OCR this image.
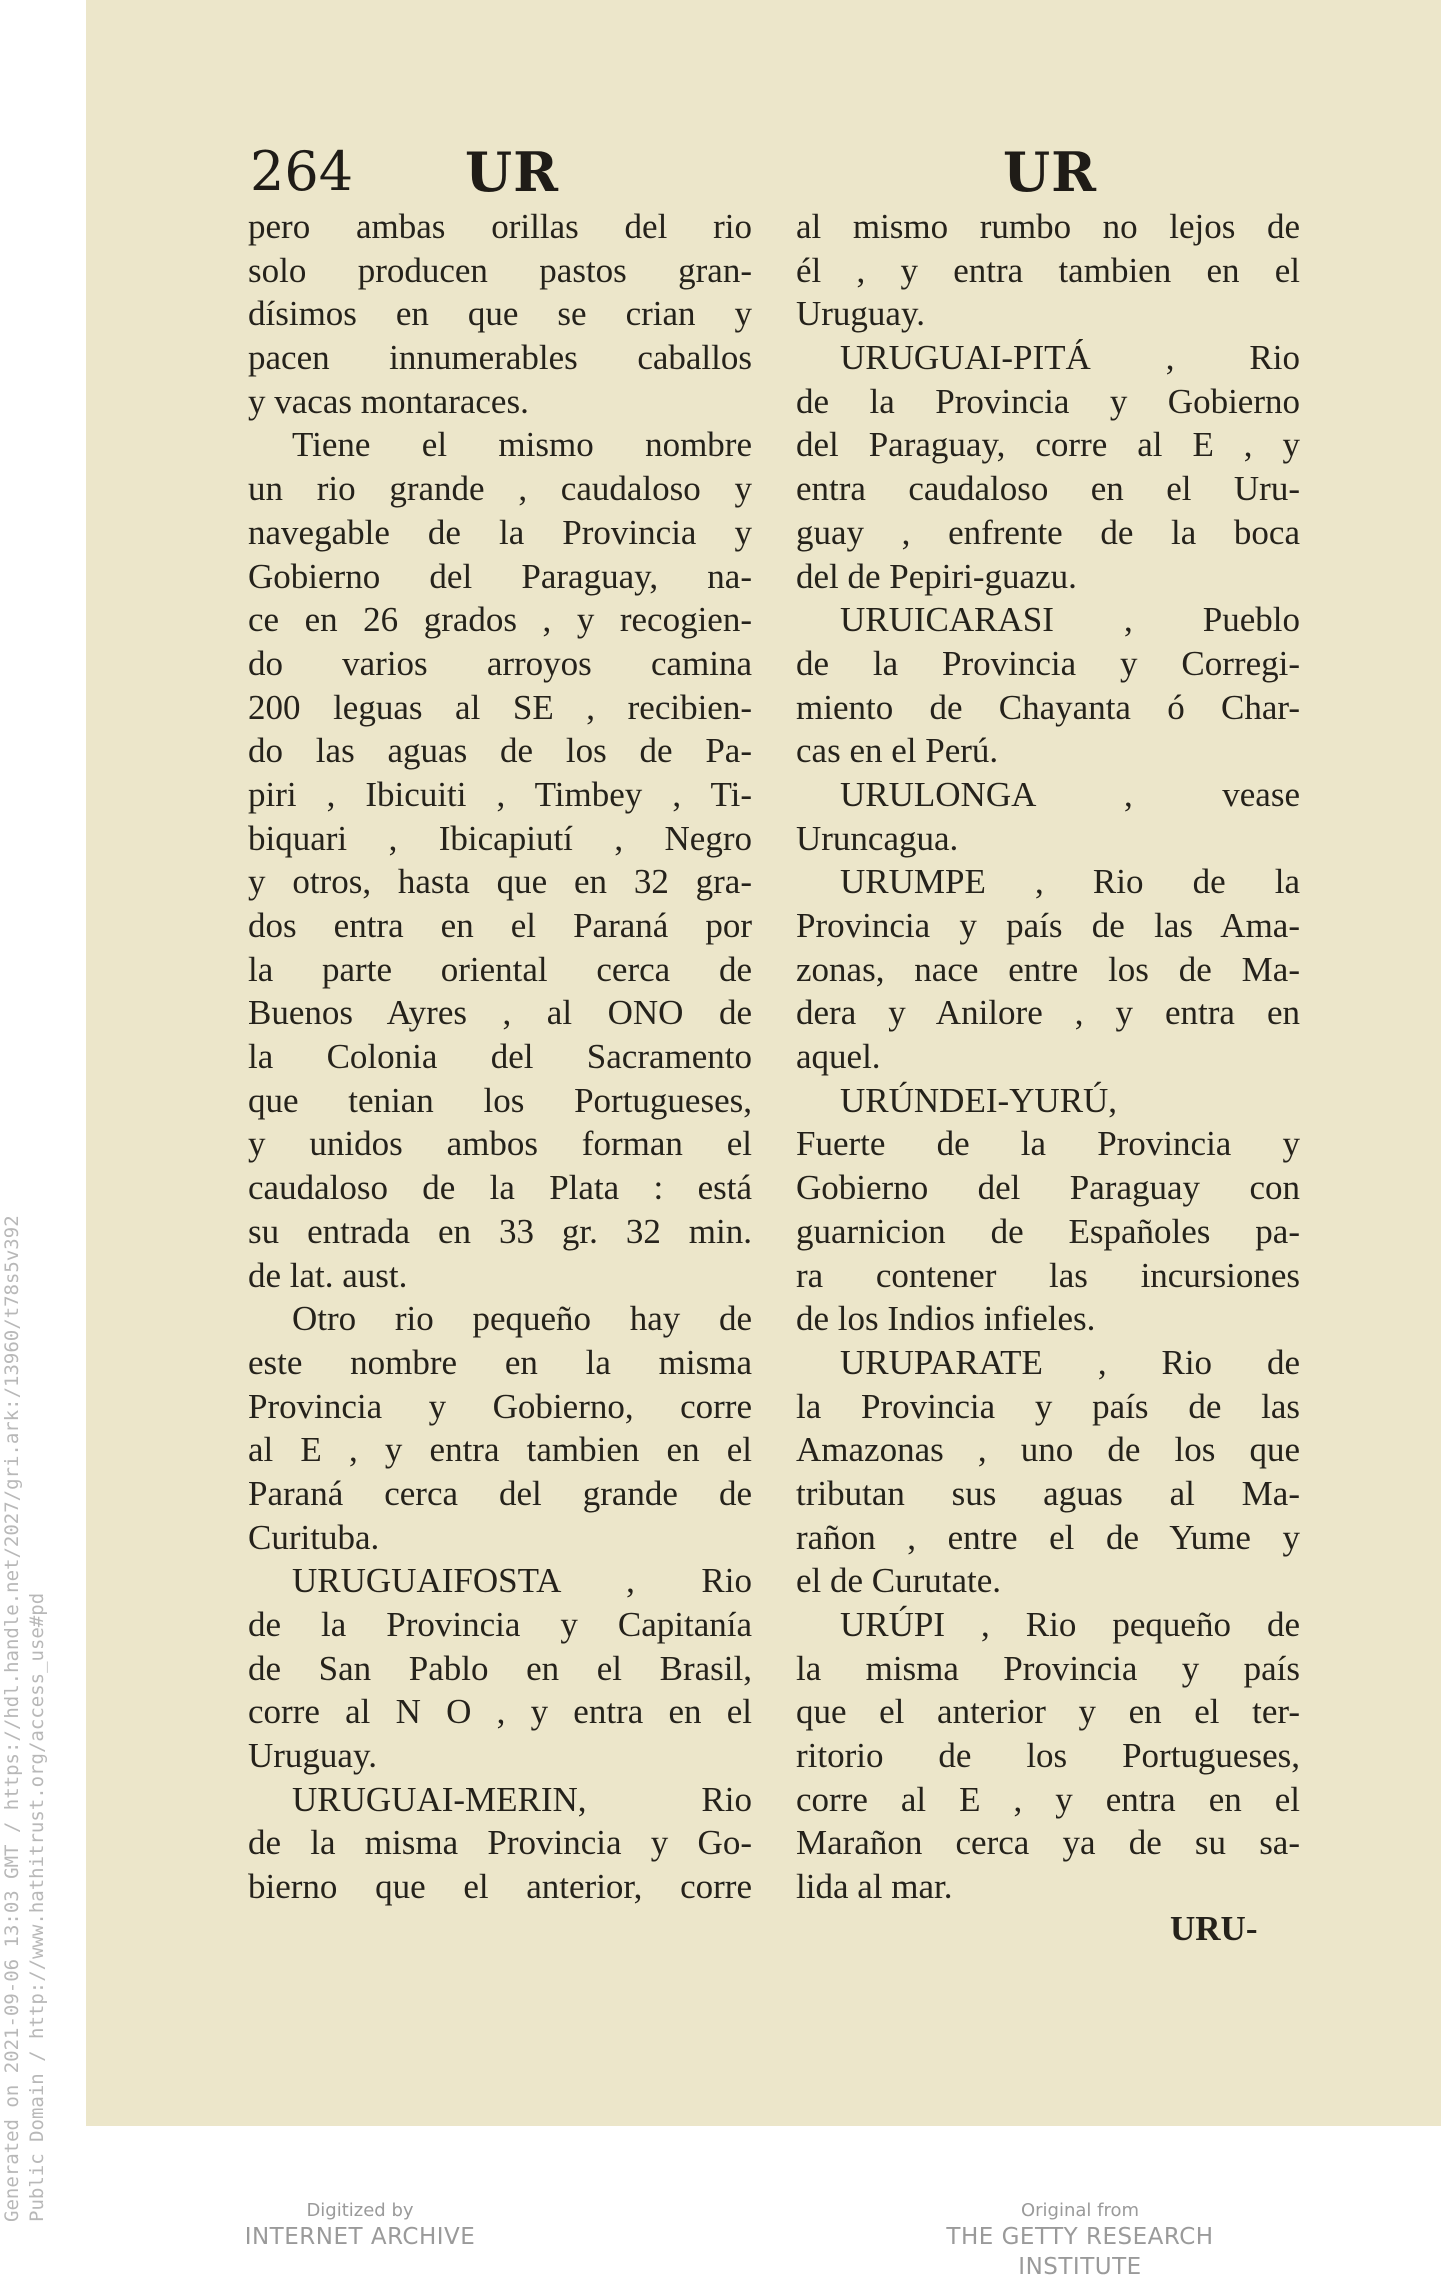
Generated on 2021-09-06 13:03 GMT / https://hdl.handle.net/2027/gri.ark:/13960/t78s5v392 Public Domain / http://www.hathitrust.org/access_use#pd
264 UR	UR
pero ambas orillas del rio
solo producen pastos gran-
dísimos en que se crian y
pacen innumerables caballos
y vacas montaraces.
Tiene el mismo nombre
un rio grande , caudaloso y
navegable de la Provincia y
Gobierno del Paraguay, na-
ce en 26 grados , y recogien-
do varios arroyos camina
200 leguas al SE , recibien-
do las aguas de los de Pa-
piri , Ibicuiti , Timbey , Ti-
biquari , Ibicapiutí , Negro
y otros, hasta que en 32 gra-
dos entra en el Paraná por
la parte oriental cerca de
Buenos Ayres , al ONO de
la Colonia del Sacramento
que tenian los Portugueses,
y unidos ambos forman el
caudaloso de la Plata : está
su entrada en 33 gr. 32 min.
de lat. aust.
Otro rio pequeño hay de
este nombre en la misma
Provincia y Gobierno, corre
al E , y entra tambien en el
Paraná cerca del grande de
Curituba.
URUGUAIFOSTA , Rio
de la Provincia y Capitanía
de San Pablo en el Brasil,
corre al N O , y entra en el
Uruguay.
URUGUAI-MERIN, Rio
de la misma Provincia y Go-
bierno que el anterior, corre
al mismo rumbo no lejos de
él , y entra tambien en el
Uruguay.
URUGUAI-PITÁ , Rio
de la Provincia y Gobierno
del Paraguay, corre al E , y
entra caudaloso en el Uru-
guay , enfrente de la boca
del de Pepiri-guazu.
URUICARASI , Pueblo
de la Provincia y Corregi-
miento de Chayanta ó Char-
cas en el Perú.
URULONGA , vease
Uruncagua.
URUMPE , Rio de la
Provincia y país de las Ama-
zonas, nace entre los de Ma-
dera y Anilore , y entra en
aquel.
URÚNDEI-YURÚ,
Fuerte de la Provincia y
Gobierno del Paraguay con
guarnicion de Españoles pa-
ra contener las incursiones
de los Indios infieles.
URUPARATE , Rio de
la Provincia y país de las
Amazonas , uno de los que
tributan sus aguas al Ma-
rañon , entre el de Yume y
el de Curutate.
URÚPI , Rio pequeño de
la misma Provincia y país
que el anterior y en el ter-
ritorio de los Portugueses,
corre al E , y entra en el
Marañon cerca ya de su sa-
lida al mar.
URU-
Digitized by
INTERNET ARCHIVE
Original from
THE GETTY RESEARCH INSTITUTE
